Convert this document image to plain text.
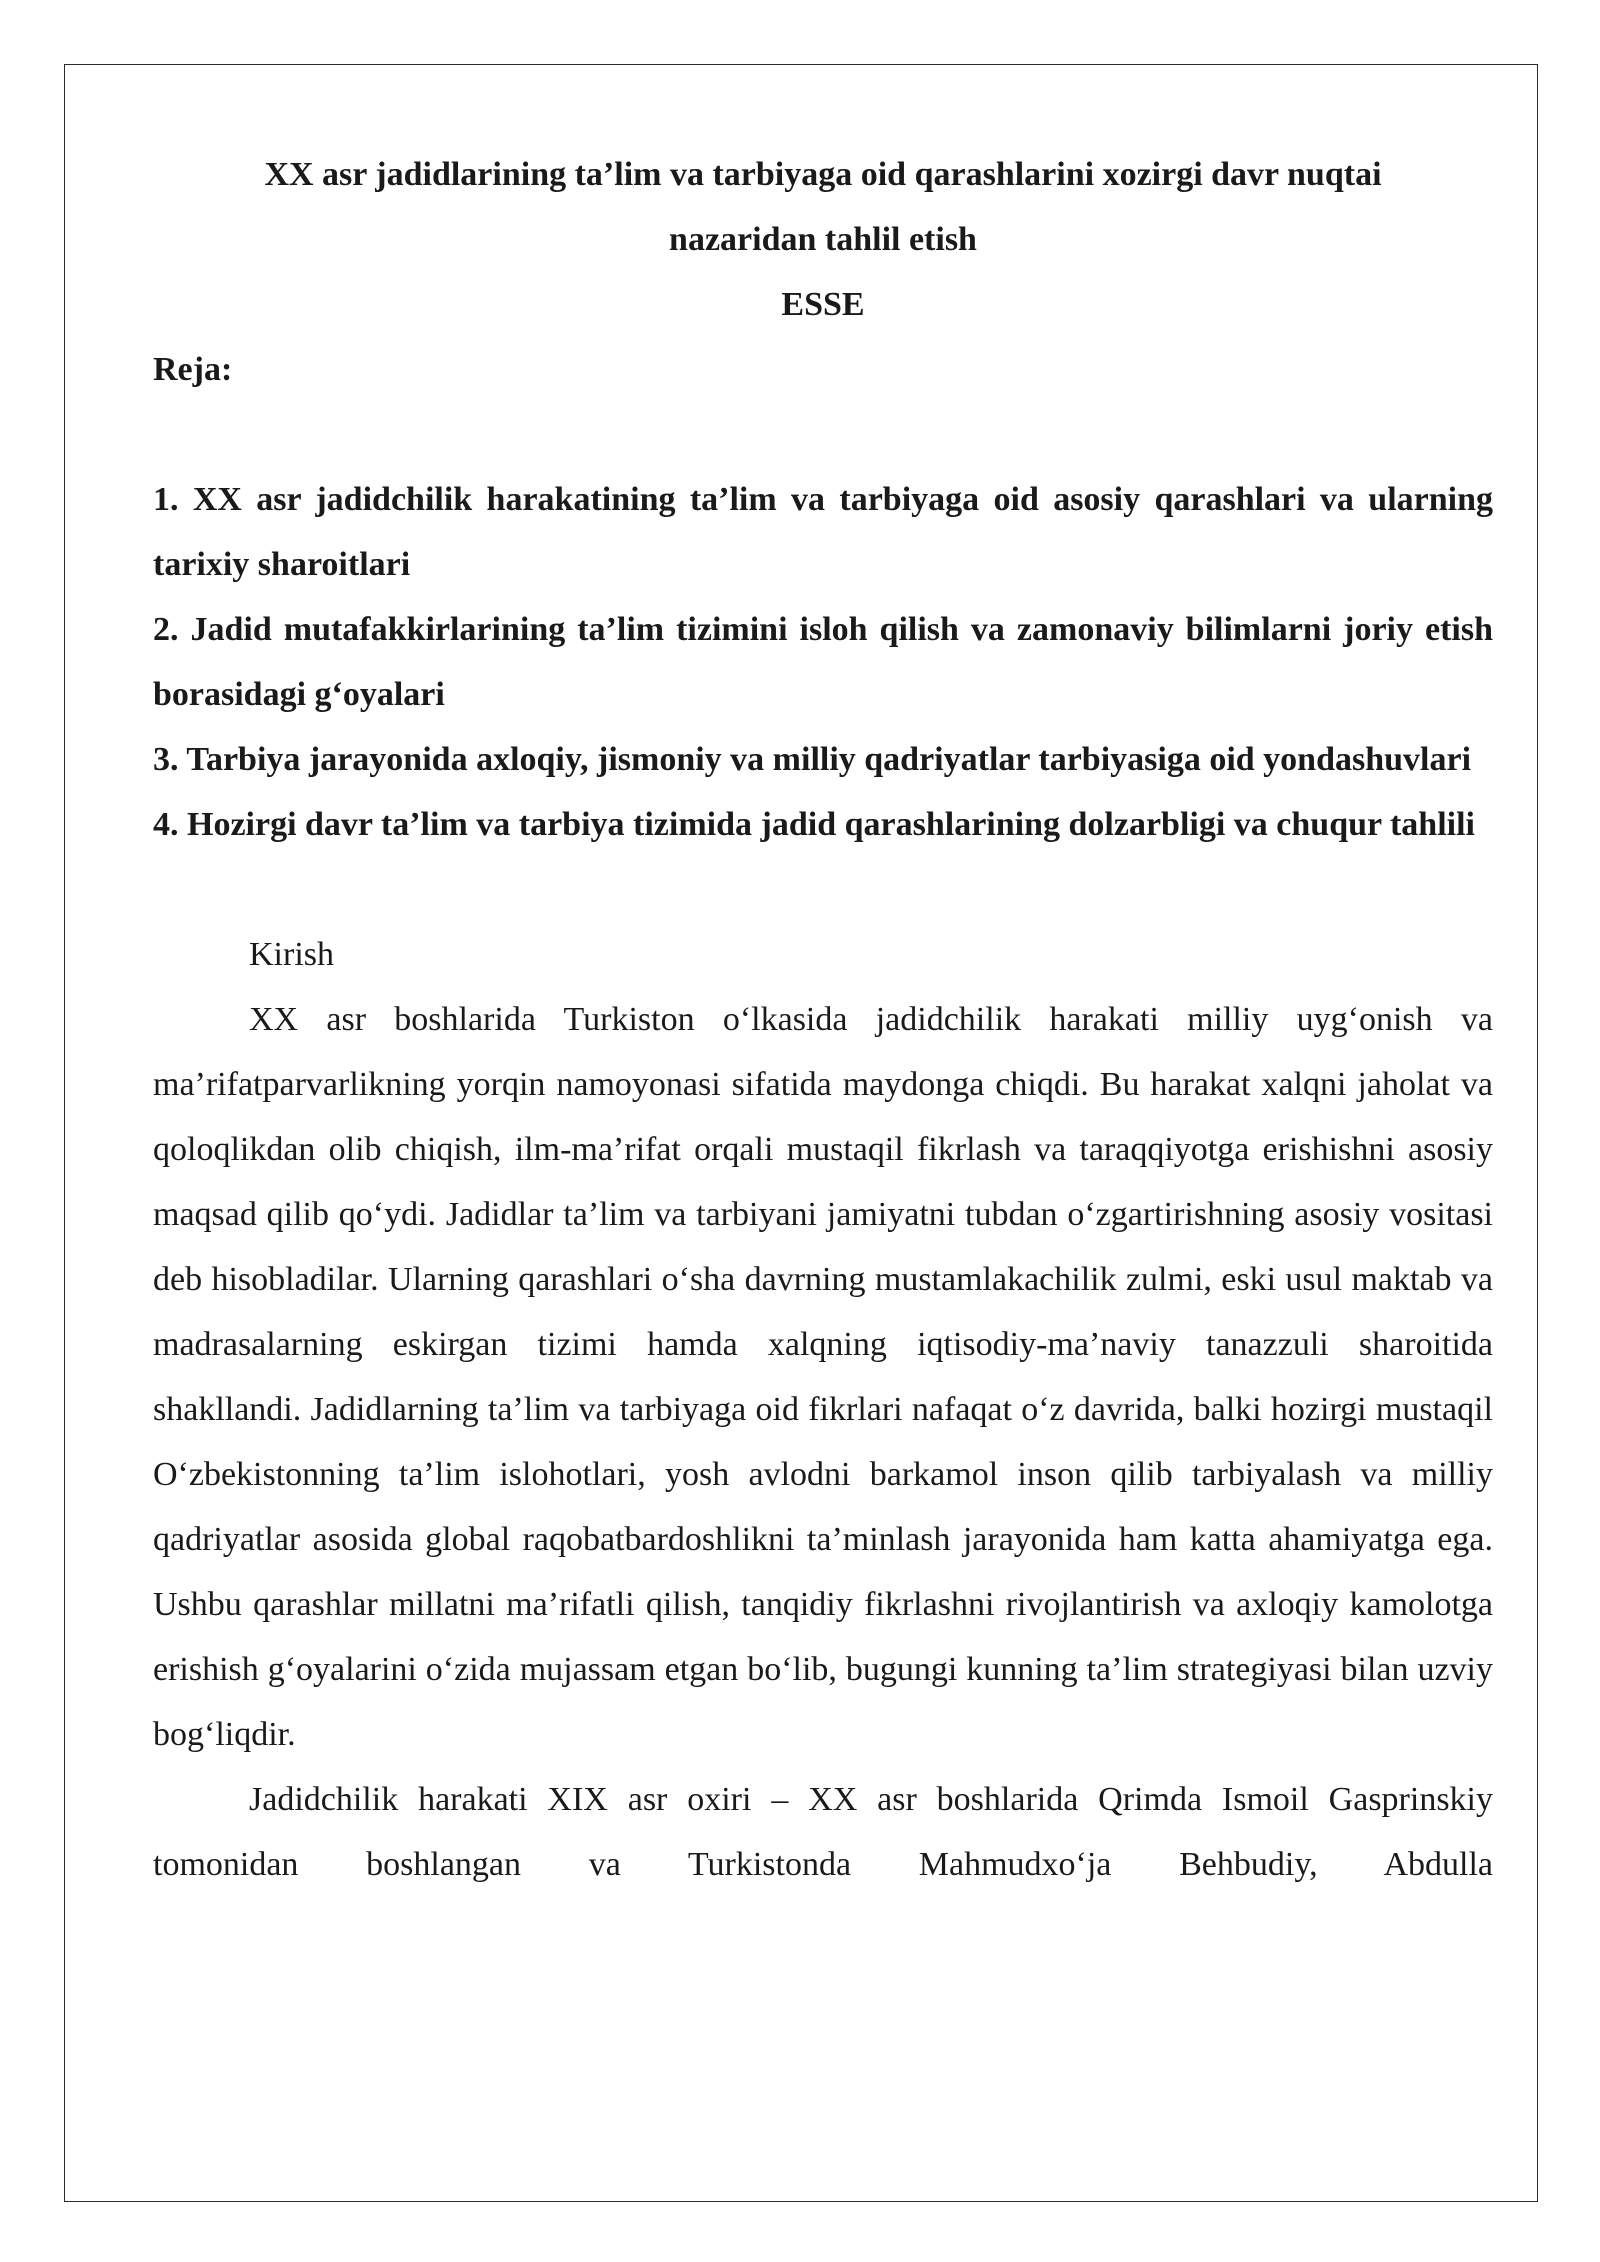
XX asr jadidlarining ta’lim va tarbiyaga oid qarashlarini xozirgi davr nuqtai
nazaridan tahlil etish

ESSE

Reja:

1. XX asr jadidchilik harakatining ta’lim va tarbiyaga oid asosiy qarashlari va ularning tarixiy sharoitlari
2. Jadid mutafakkirlarining ta’lim tizimini isloh qilish va zamonaviy bilimlarni joriy etish borasidagi g‘oyalari
3. Tarbiya jarayonida axloqiy, jismoniy va milliy qadriyatlar tarbiyasiga oid yondashuvlari
4. Hozirgi davr ta’lim va tarbiya tizimida jadid qarashlarining dolzarbligi va chuqur tahlili

Kirish

XX asr boshlarida Turkiston o‘lkasida jadidchilik harakati milliy uyg‘onish va ma’rifatparvarlikning yorqin namoyonasi sifatida maydonga chiqdi. Bu harakat xalqni jaholat va qoloqlikdan olib chiqish, ilm-ma’rifat orqali mustaqil fikrlash va taraqqiyotga erishishni asosiy maqsad qilib qo‘ydi. Jadidlar ta’lim va tarbiyani jamiyatni tubdan o‘zgartirishning asosiy vositasi deb hisobladilar. Ularning qarashlari o‘sha davrning mustamlakachilik zulmi, eski usul maktab va madrasalarning eskirgan tizimi hamda xalqning iqtisodiy-ma’naviy tanazzuli sharoitida shakllandi. Jadidlarning ta’lim va tarbiyaga oid fikrlari nafaqat o‘z davrida, balki hozirgi mustaqil O‘zbekistonning ta’lim islohotlari, yosh avlodni barkamol inson qilib tarbiyalash va milliy qadriyatlar asosida global raqobatbardoshlikni ta’minlash jarayonida ham katta ahamiyatga ega. Ushbu qarashlar millatni ma’rifatli qilish, tanqidiy fikrlashni rivojlantirish va axloqiy kamolotga erishish g‘oyalarini o‘zida mujassam etgan bo‘lib, bugungi kunning ta’lim strategiyasi bilan uzviy bog‘liqdir.

Jadidchilik harakati XIX asr oxiri – XX asr boshlarida Qrimda Ismoil Gasprinskiy tomonidan boshlangan va Turkistonda Mahmudxo‘ja Behbudiy, Abdulla
